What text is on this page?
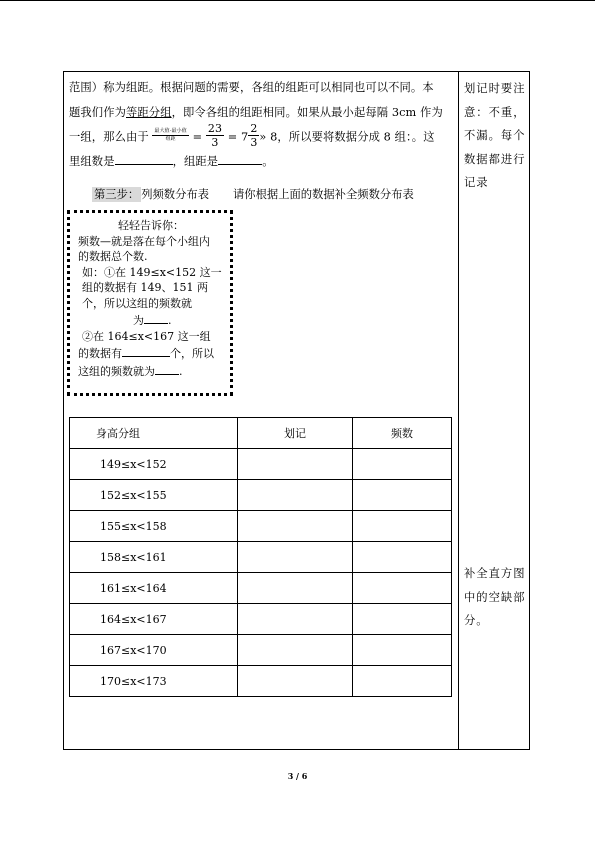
范围）称为组距。根据问题的需要，各组的组距可以相同也可以不同。本
题我们作为等距分组，即令各组的组距相同。如果从最小起每隔 3cm 作为
一组，那么由于 $\frac{\text{最大值-最小值}}{\text{组距}} = \frac{23}{3} = 7 \frac{2}{3}$ » 8，所以要将数据分成 8 组：。这
里组数是	，组距是	。
第三步： 列频数分布表 请你根据上面的数据补全频数分布表

轻轻告诉你：

频数—就是落在每个小组内

的数据总个数.

如：①在 149≤x<152 这一

组的数据有 149、151 两

个，所以这组的频数就

为 .

②在 164≤x<167 这一组

的数据有	个，所以

这组的频数就为 .

身高分组	划记	频数
149≤x<152		
152≤x<155		
155≤x<158		
158≤x<161		
161≤x<164		
164≤x<167		
167≤x<170		
170≤x<173		
划记时要注
意：不重，
不漏。每个
数据都进行
记录
补全直方图
中的空缺部
分。
3 / 6
